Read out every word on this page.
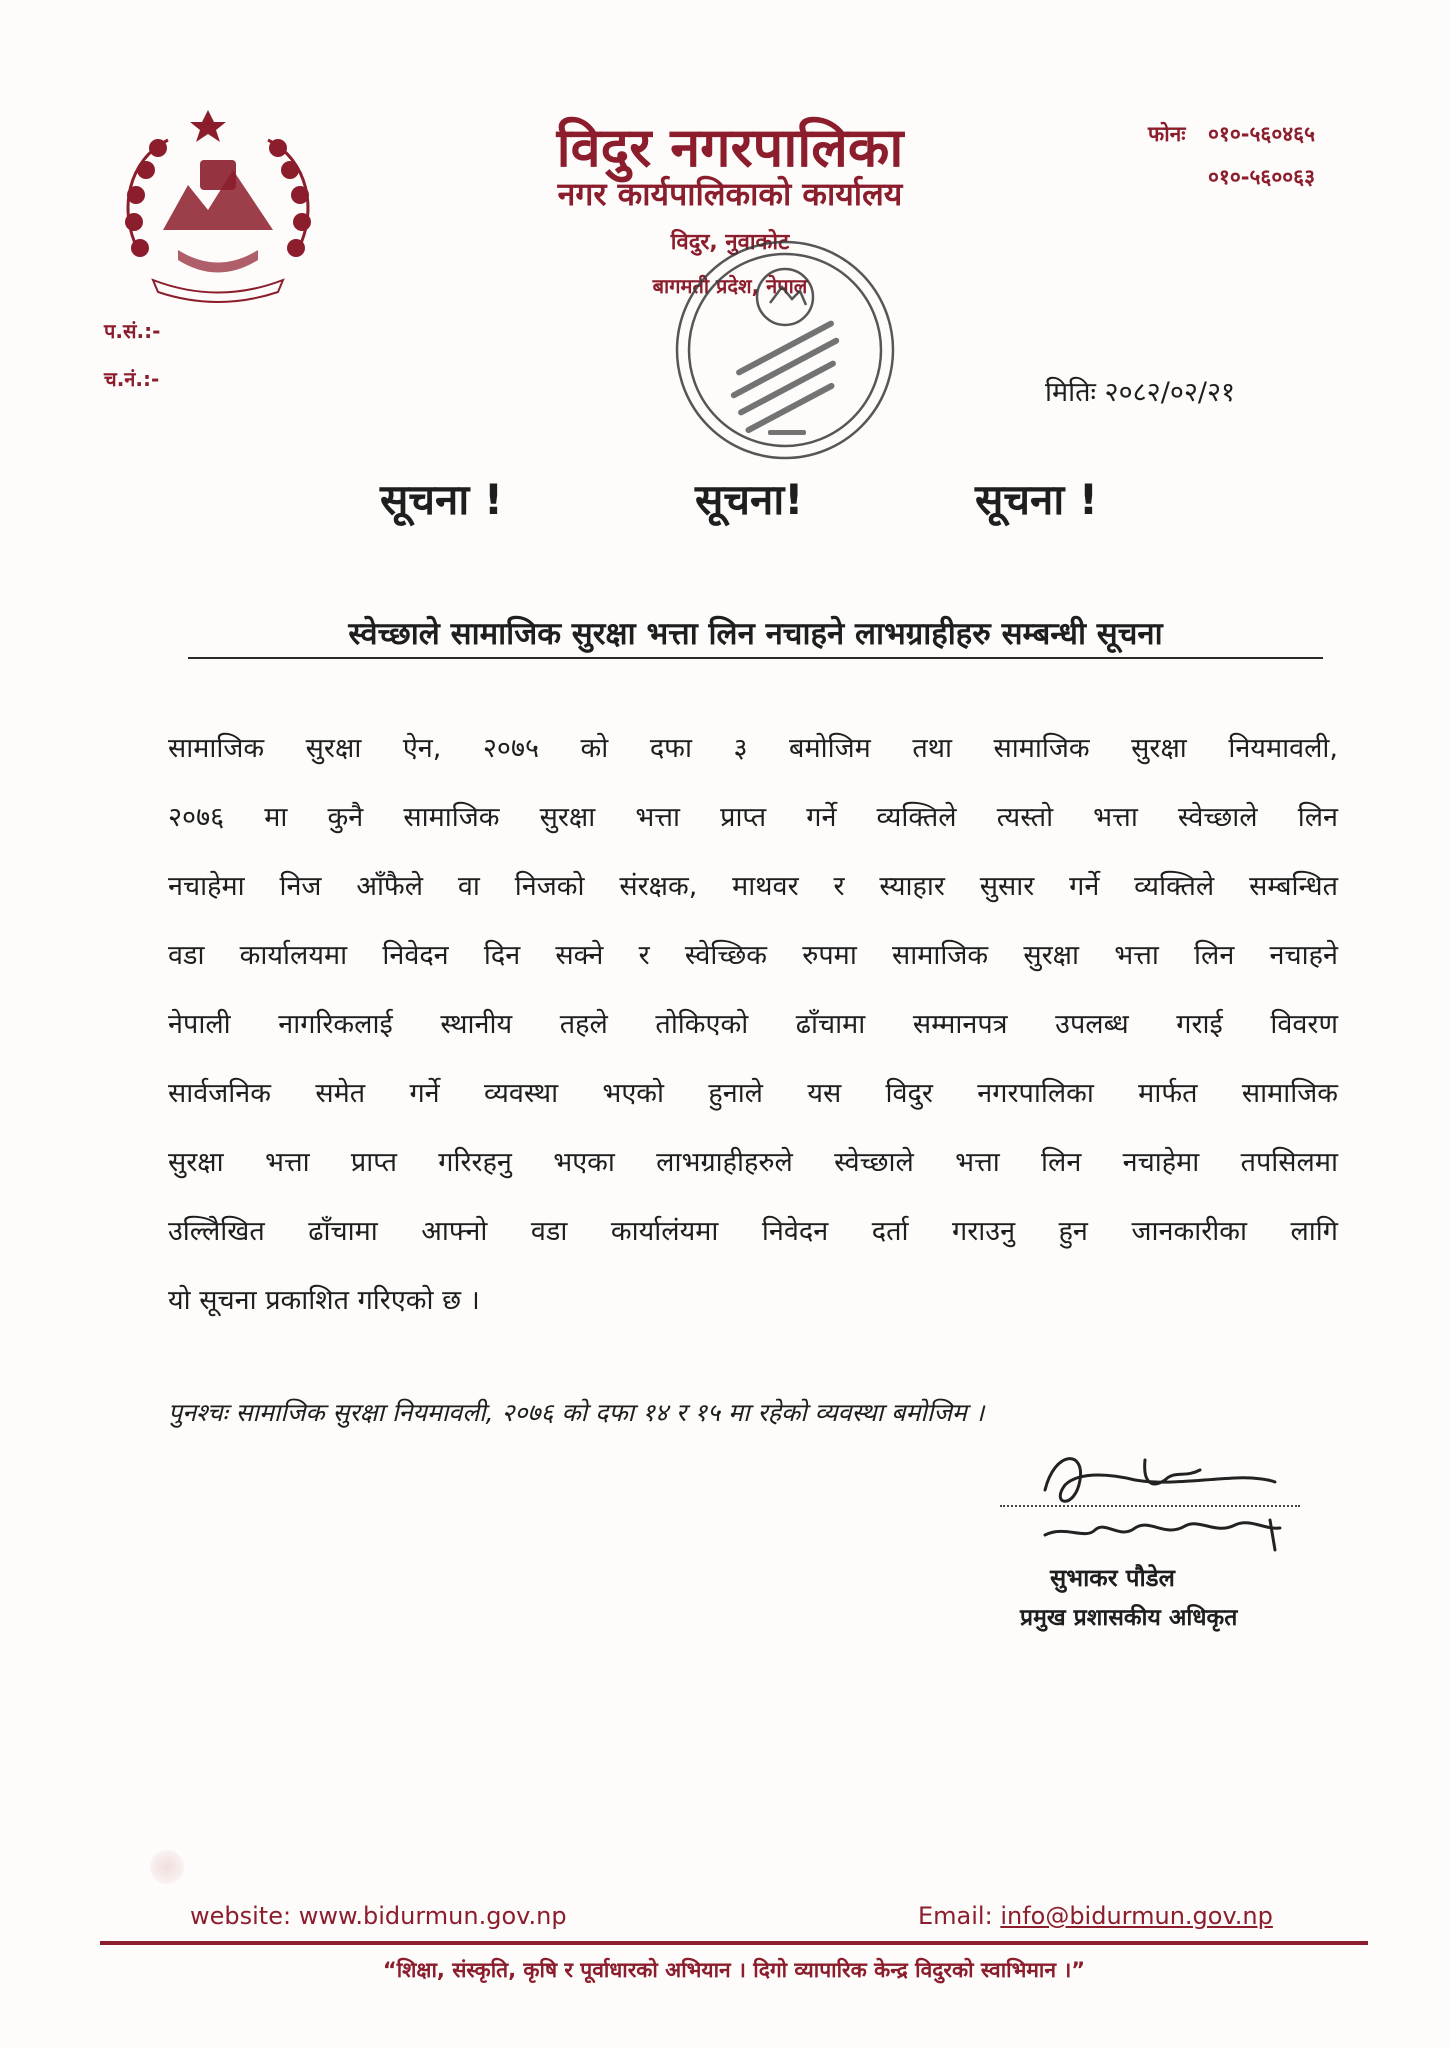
विदुर नगरपालिका
नगर कार्यपालिकाको कार्यालय
विदुर, नुवाकोट
बागमती प्रदेश, नेपाल
फोनः ०१०-५६०४६५
०१०-५६००६३
प.सं.:-
च.नं.:-	मितिः २०८२/०२/२१
सूचना !	सूचना!	सूचना !
स्वेच्छाले सामाजिक सुरक्षा भत्ता लिन नचाहने लाभग्राहीहरु सम्बन्धी सूचना
सामाजिक सुरक्षा ऐन, २०७५ को दफा ३ बमोजिम तथा सामाजिक सुरक्षा नियमावली,
२०७६ मा कुनै सामाजिक सुरक्षा भत्ता प्राप्त गर्ने व्यक्तिले त्यस्तो भत्ता स्वेच्छाले लिन
नचाहेमा निज आँफैले वा निजको संरक्षक, माथवर र स्याहार सुसार गर्ने व्यक्तिले सम्बन्धित
वडा कार्यालयमा निवेदन दिन सक्ने र स्वेच्छिक रुपमा सामाजिक सुरक्षा भत्ता लिन नचाहने
नेपाली नागरिकलाई स्थानीय तहले तोकिएको ढाँचामा सम्मानपत्र उपलब्ध गराई विवरण
सार्वजनिक समेत गर्ने व्यवस्था भएको हुनाले यस विदुर नगरपालिका मार्फत सामाजिक
सुरक्षा भत्ता प्राप्त गरिरहनु भएका लाभग्राहीहरुले स्वेच्छाले भत्ता लिन नचाहेमा तपसिलमा
उल्लिेखित ढाँचामा आफ्नो वडा कार्यालंयमा निवेदन दर्ता गराउनु हुन जानकारीका लागि
यो सूचना प्रकाशित गरिएको छ ।
पुनश्चः सामाजिक सुरक्षा नियमावली, २०७६ को दफा १४ र १५ मा रहेको व्यवस्था बमोजिम ।
सुभाकर पौडेल
प्रमुख प्रशासकीय अधिकृत
website: www.bidurmun.gov.np	Email: info@bidurmun.gov.np
“शिक्षा, संस्कृति, कृषि र पूर्वाधारको अभियान । दिगो व्यापारिक केन्द्र विदुरको स्वाभिमान ।”
